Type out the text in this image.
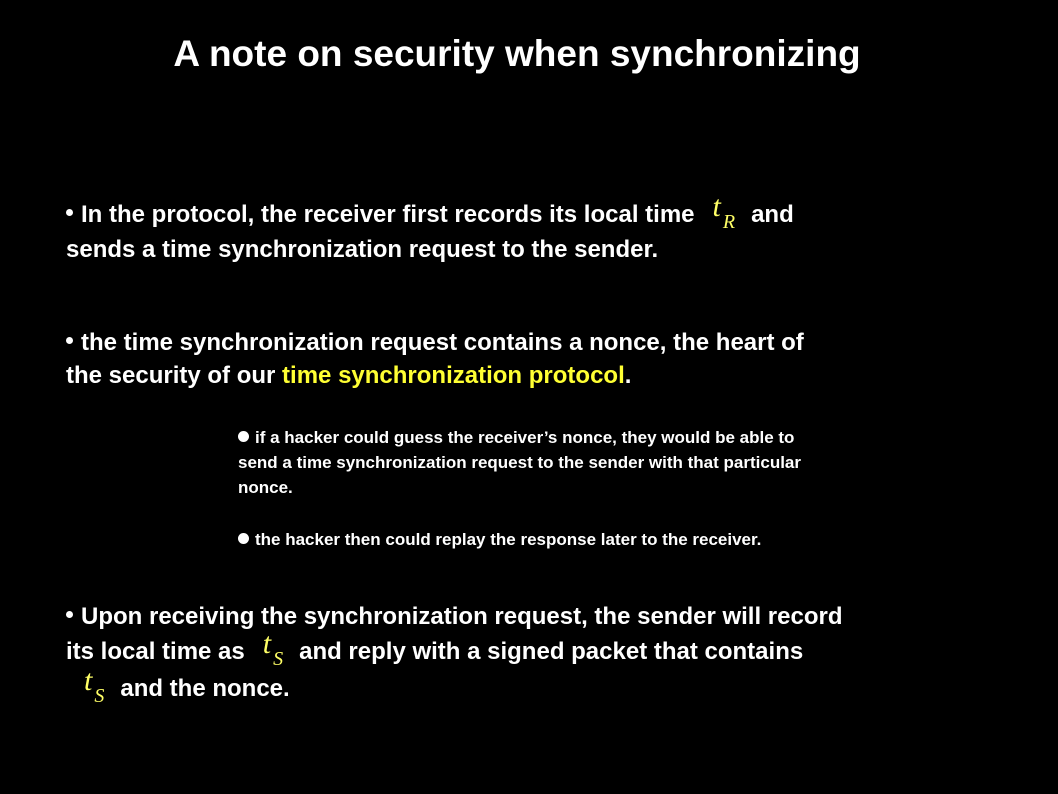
A note on security when synchronizing

In the protocol, the receiver first records its local time t $_R$ and sends a time synchronization request to the sender.

the time synchronization request contains a nonce, the heart of the security of our time synchronization protocol.

if a hacker could guess the receiver’s nonce, they would be able to send a time synchronization request to the sender with that particular nonce.

the hacker then could replay the response later to the receiver.

Upon receiving the synchronization request, the sender will record its local time as t $_S$ and reply with a signed packet that containst $_S$ and the nonce.
